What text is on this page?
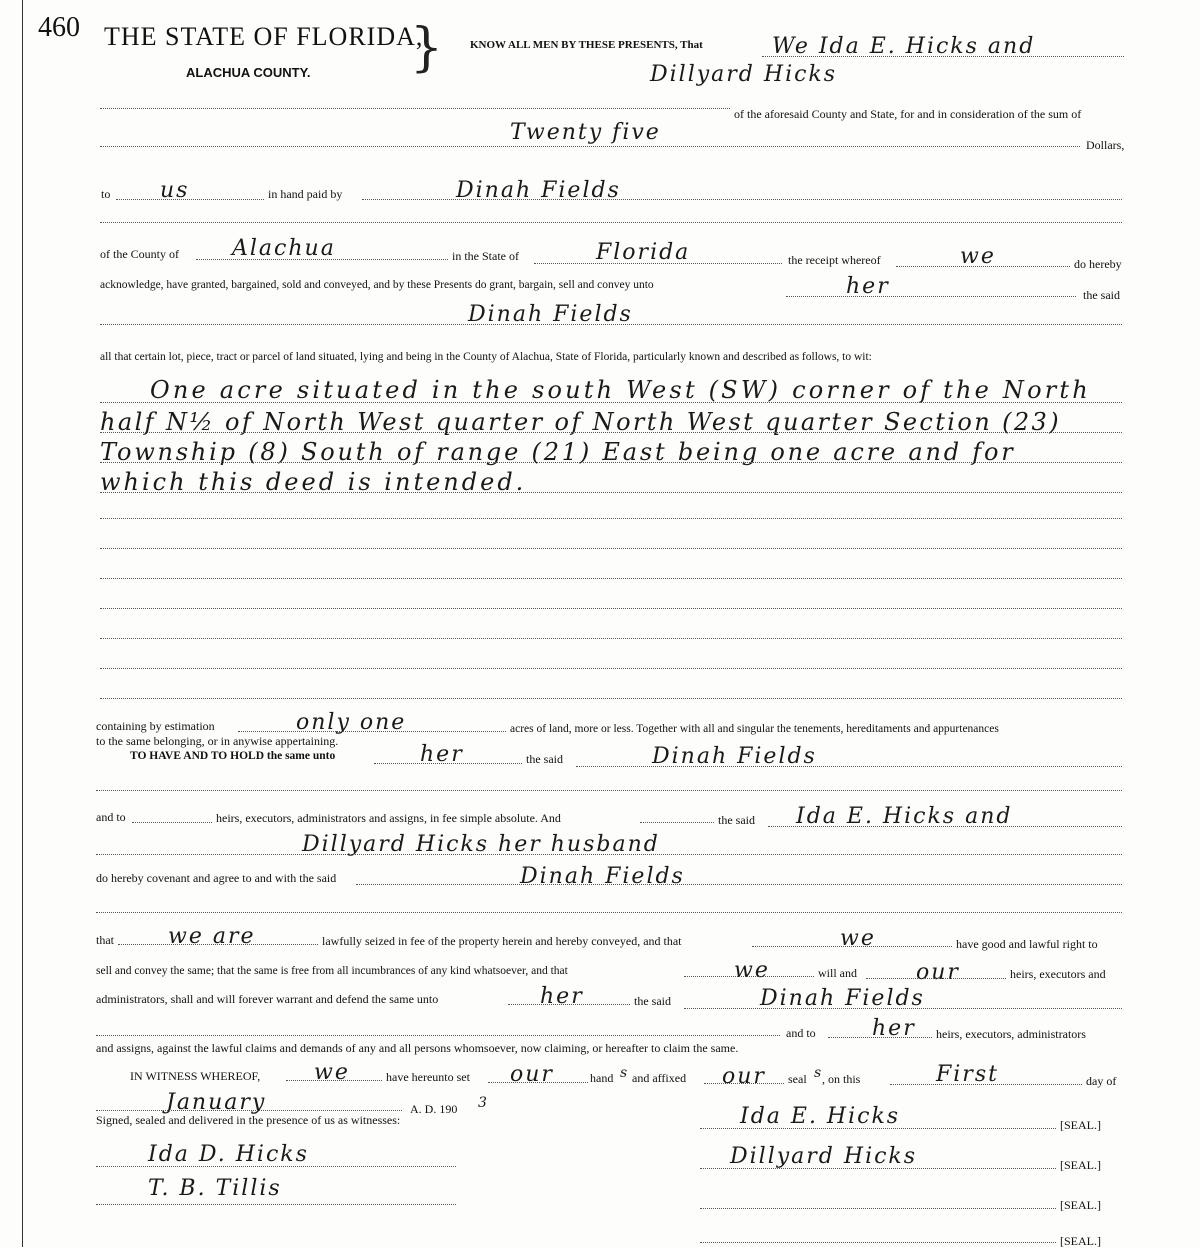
460 THE STATE OF FLORIDA,
ALACHUA COUNTY. } KNOW ALL MEN BY THESE PRESENTS, That	We Ida E. Hicks and
Dillyard Hicks
of the aforesaid County and State, for and in consideration of the sum of
Twenty five	Dollars,
to us	in hand paid by	Dinah Fields
of the County of Alachua	in the State of	Florida	the receipt whereof	we	do hereby
acknowledge, have granted, bargained, sold and conveyed, and by these Presents do grant, bargain, sell and convey unto	her	the said
Dinah Fields
all that certain lot, piece, tract or parcel of land situated, lying and being in the County of Alachua, State of Florida, particularly known and described as follows, to wit:
One acre situated in the south West (SW) corner of the North
half N½ of North West quarter of North West quarter Section (23)
Township (8) South of range (21) East being one acre and for
which this deed is intended.
containing by estimation	only one	acres of land, more or less. Together with all and singular the tenements, hereditaments and appurtenances
to the same belonging, or in anywise appertaining.
TO HAVE AND TO HOLD the same unto	her	the said	Dinah Fields
and to	heirs, executors, administrators and assigns, in fee simple absolute. And	the said Ida E. Hicks and
Dillyard Hicks her husband
do hereby covenant and agree to and with the said	Dinah Fields
that we are	lawfully seized in fee of the property herein and hereby conveyed, and that	we	have good and lawful right to
sell and convey the same; that the same is free from all incumbrances of any kind whatsoever, and that	we	will and	our	heirs, executors and
administrators, shall and will forever warrant and defend the same unto	her	the said	Dinah Fields
and to	her heirs, executors, administrators
and assigns, against the lawful claims and demands of any and all persons whomsoever, now claiming, or hereafter to claim the same.
IN WITNESS WHEREOF, we	have hereunto set our	hand s and affixed our seal s , on this	First	day of
January	A. D. 190 3
Signed, sealed and delivered in the presence of us as witnesses:	Ida E. Hicks	[SEAL.]
Ida D. Hicks	Dillyard Hicks	[SEAL.]
T. B. Tillis
[SEAL.]
[SEAL.]
